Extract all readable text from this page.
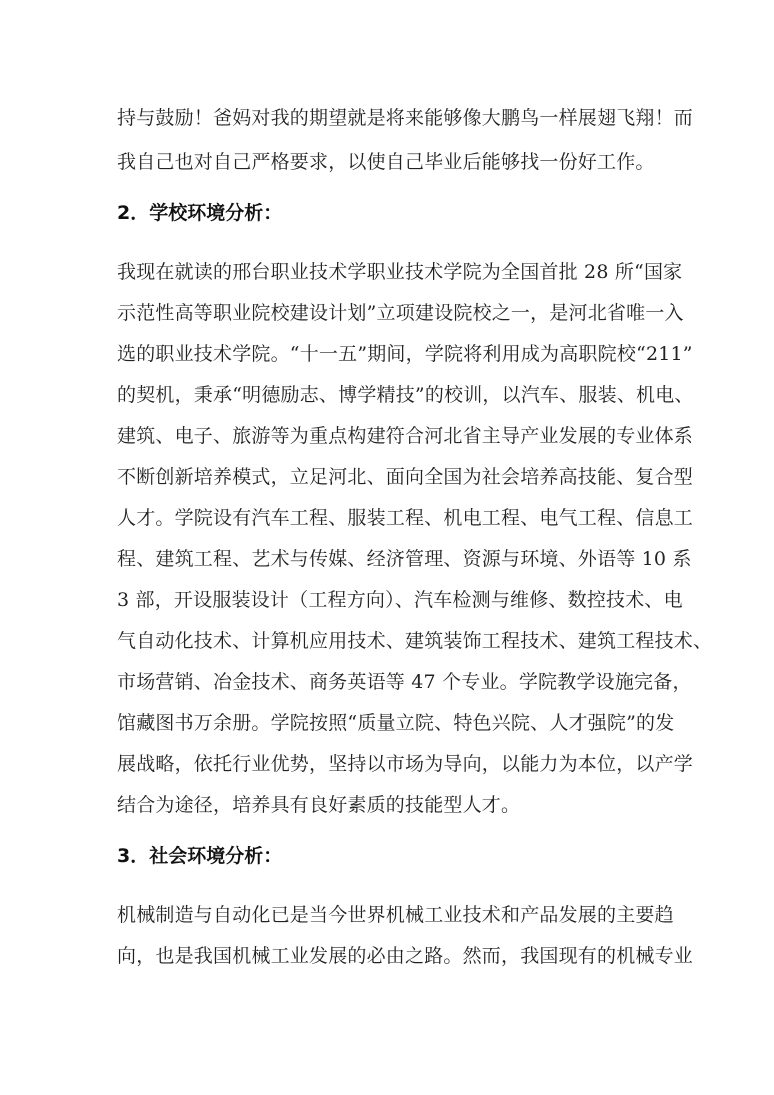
持与鼓励！爸妈对我的期望就是将来能够像大鹏鸟一样展翅飞翔！而

我自己也对自己严格要求，以使自己毕业后能够找一份好工作。

2．学校环境分析：

我现在就读的邢台职业技术学职业技术学院为全国首批 28 所“国家

示范性高等职业院校建设计划”立项建设院校之一，是河北省唯一入

选的职业技术学院。“十一五”期间，学院将利用成为高职院校“211”

的契机，秉承“明德励志、博学精技”的校训，以汽车、服装、机电、

建筑、电子、旅游等为重点构建符合河北省主导产业发展的专业体系

不断创新培养模式，立足河北、面向全国为社会培养高技能、复合型

人才。学院设有汽车工程、服装工程、机电工程、电气工程、信息工

程、建筑工程、艺术与传媒、经济管理、资源与环境、外语等 10 系

3 部，开设服装设计（工程方向）、汽车检测与维修、数控技术、电

气自动化技术、计算机应用技术、建筑装饰工程技术、建筑工程技术、

市场营销、冶金技术、商务英语等 47 个专业。学院教学设施完备，

馆藏图书万余册。学院按照“质量立院、特色兴院、人才强院”的发

展战略，依托行业优势，坚持以市场为导向，以能力为本位，以产学

结合为途径，培养具有良好素质的技能型人才。

3．社会环境分析：

机械制造与自动化已是当今世界机械工业技术和产品发展的主要趋

向，也是我国机械工业发展的必由之路。然而，我国现有的机械专业
